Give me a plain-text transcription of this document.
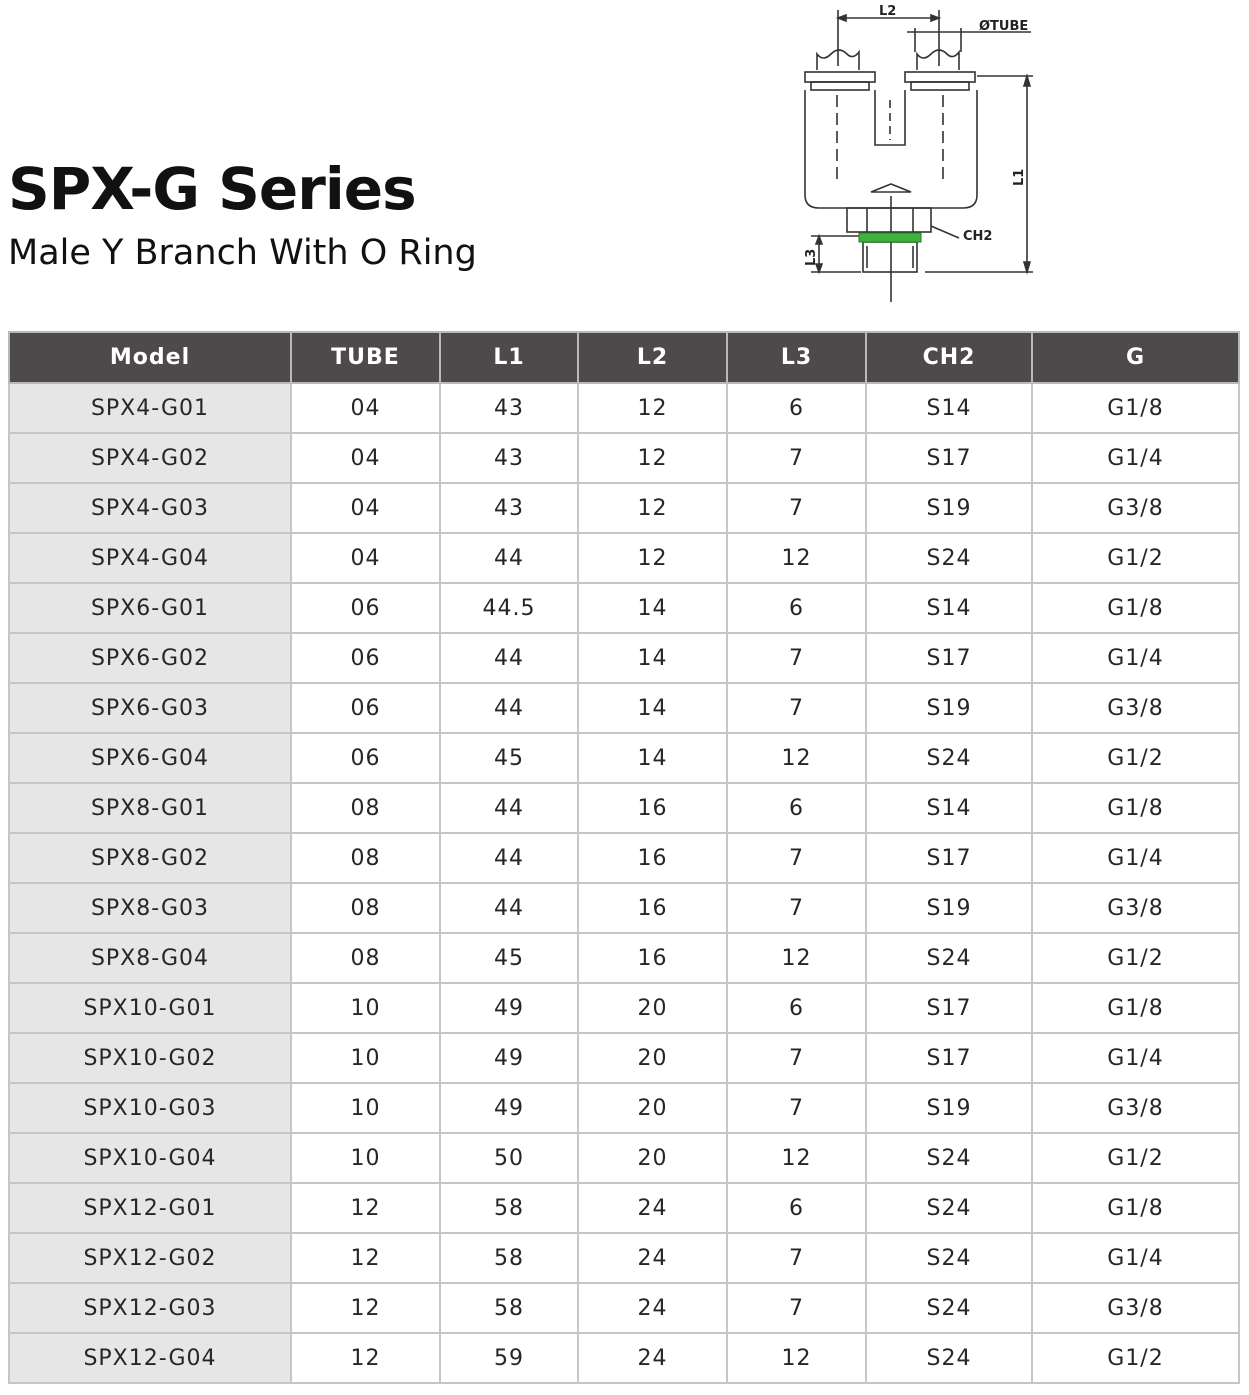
SPX-G Series
Male Y Branch With O Ring
L2
ØTUBE
L1
L3
CH2
Model	TUBE	L1	L2	L3	CH2	G
SPX4-G01	04	43	12	6	S14	G1/8
SPX4-G02	04	43	12	7	S17	G1/4
SPX4-G03	04	43	12	7	S19	G3/8
SPX4-G04	04	44	12	12	S24	G1/2
SPX6-G01	06	44.5	14	6	S14	G1/8
SPX6-G02	06	44	14	7	S17	G1/4
SPX6-G03	06	44	14	7	S19	G3/8
SPX6-G04	06	45	14	12	S24	G1/2
SPX8-G01	08	44	16	6	S14	G1/8
SPX8-G02	08	44	16	7	S17	G1/4
SPX8-G03	08	44	16	7	S19	G3/8
SPX8-G04	08	45	16	12	S24	G1/2
SPX10-G01	10	49	20	6	S17	G1/8
SPX10-G02	10	49	20	7	S17	G1/4
SPX10-G03	10	49	20	7	S19	G3/8
SPX10-G04	10	50	20	12	S24	G1/2
SPX12-G01	12	58	24	6	S24	G1/8
SPX12-G02	12	58	24	7	S24	G1/4
SPX12-G03	12	58	24	7	S24	G3/8
SPX12-G04	12	59	24	12	S24	G1/2
